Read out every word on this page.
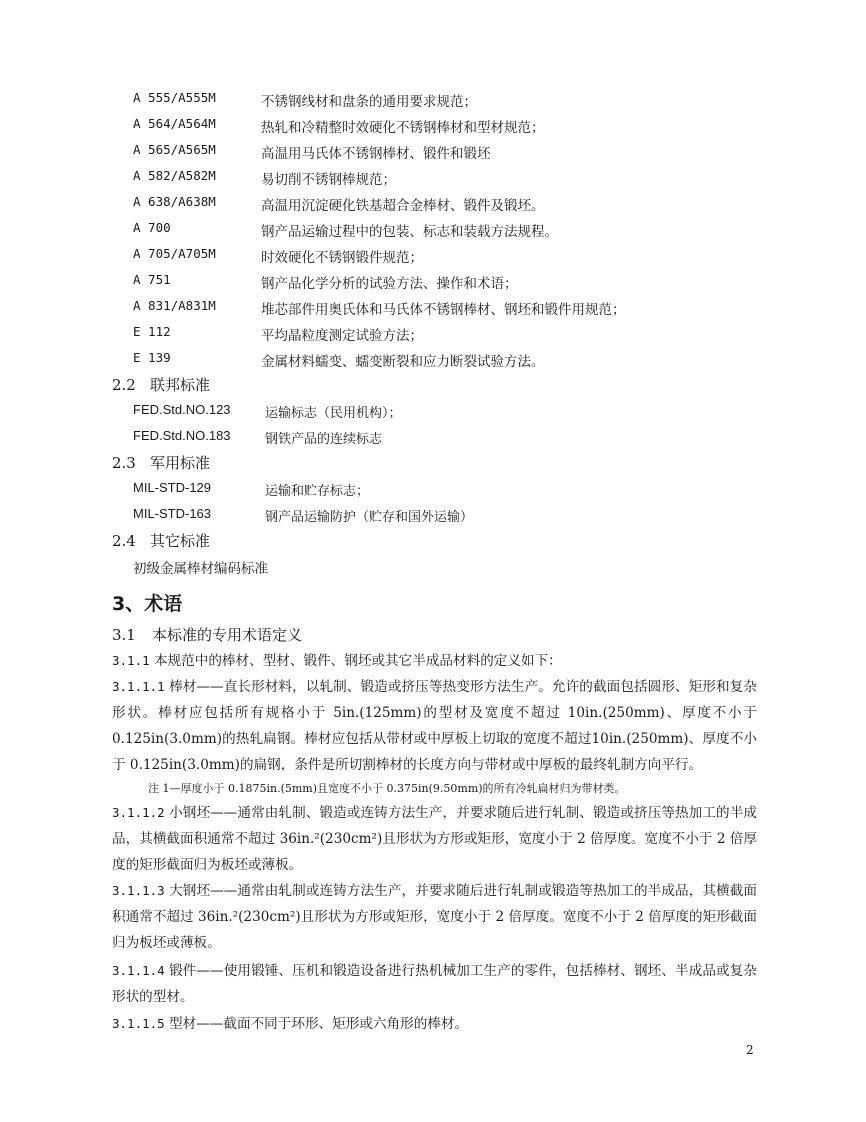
A 555/A555M	不锈钢线材和盘条的通用要求规范；
A 564/A564M	热轧和冷精整时效硬化不锈钢棒材和型材规范；
A 565/A565M	高温用马氏体不锈钢棒材、锻件和锻坯
A 582/A582M	易切削不锈钢棒规范；
A 638/A638M	高温用沉淀硬化铁基超合金棒材、锻件及锻坯。
A 700	钢产品运输过程中的包装、标志和装载方法规程。
A 705/A705M	时效硬化不锈钢锻件规范；
A 751	钢产品化学分析的试验方法、操作和术语；
A 831/A831M	堆芯部件用奥氏体和马氏体不锈钢棒材、钢坯和锻件用规范；
E 112	平均晶粒度测定试验方法；
E 139	金属材料蠕变、蠕变断裂和应力断裂试验方法。
2.2 联邦标准
FED.Std.NO.123	运输标志（民用机构）；
FED.Std.NO.183	钢铁产品的连续标志
2.3 军用标准
MIL-STD-129	运输和贮存标志；
MIL-STD-163	钢产品运输防护（贮存和国外运输）
2.4 其它标准
初级金属棒材编码标准
3、术语
3.1 本标准的专用术语定义
3.1.1 本规范中的棒材、型材、锻件、钢坯或其它半成品材料的定义如下：
3.1.1.1 棒材——直长形材料，以轧制、锻造或挤压等热变形方法生产。允许的截面包括圆形、矩形和复杂形状。棒材应包括所有规格小于 5in.(125mm)的型材及宽度不超过 10in.(250mm)、厚度不小于 0.125in(3.0mm)的热轧扁钢。棒材应包括从带材或中厚板上切取的宽度不超过10in.(250mm)、厚度不小于 0.125in(3.0mm)的扁钢，条件是所切割棒材的长度方向与带材或中厚板的最终轧制方向平行。
注 1—厚度小于 0.1875in.(5mm)且宽度不小于 0.375in(9.50mm)的所有冷轧扁材归为带材类。
3.1.1.2 小钢坯——通常由轧制、锻造或连铸方法生产，并要求随后进行轧制、锻造或挤压等热加工的半成品，其横截面积通常不超过 36in.²(230cm²)且形状为方形或矩形，宽度小于 2 倍厚度。宽度不小于 2 倍厚度的矩形截面归为板坯或薄板。
3.1.1.3 大钢坯——通常由轧制或连铸方法生产，并要求随后进行轧制或锻造等热加工的半成品，其横截面积通常不超过 36in.²(230cm²)且形状为方形或矩形，宽度小于 2 倍厚度。宽度不小于 2 倍厚度的矩形截面归为板坯或薄板。
3.1.1.4 锻件——使用锻锤、压机和锻造设备进行热机械加工生产的零件，包括棒材、钢坯、半成品或复杂形状的型材。
3.1.1.5 型材——截面不同于环形、矩形或六角形的棒材。
2
